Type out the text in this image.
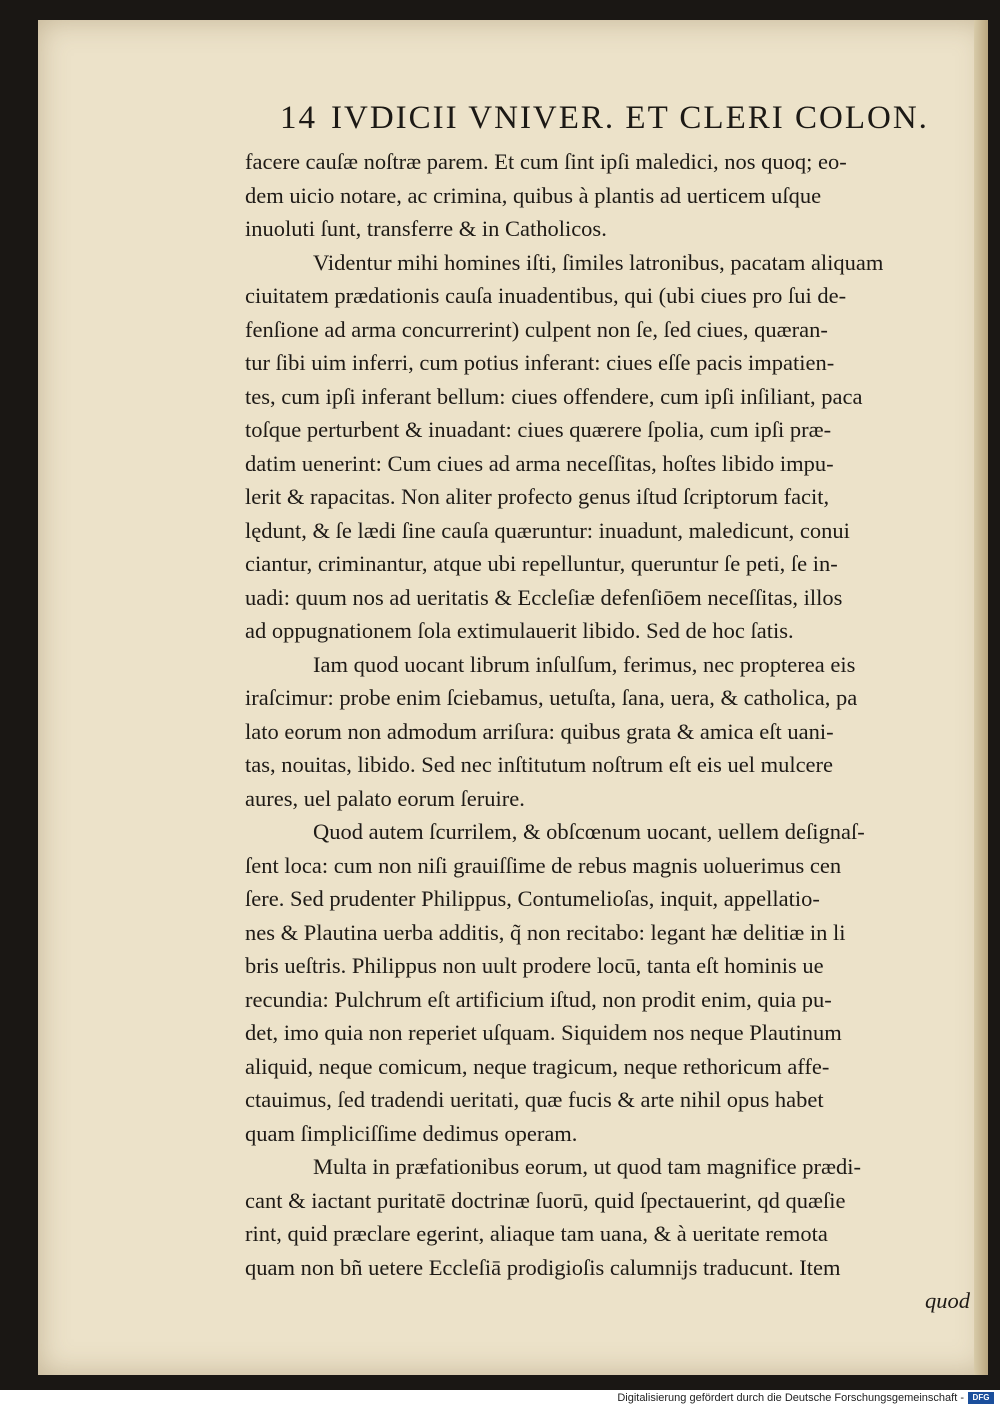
14 IVDICII VNIVER. ET CLERI COLON.
facere cauſæ noſtræ parem. Et cum ſint ipſi maledici, nos quoq; eo-
dem uicio notare, ac crimina, quibus à plantis ad uerticem uſque
inuoluti ſunt, transferre & in Catholicos.
Videntur mihi homines iſti, ſimiles latronibus, pacatam aliquam
ciuitatem prædationis cauſa inuadentibus, qui (ubi ciues pro ſui de-
fenſione ad arma concurrerint) culpent non ſe, ſed ciues, quæran-
tur ſibi uim inferri, cum potius inferant: ciues eſſe pacis impatien-
tes, cum ipſi inferant bellum: ciues offendere, cum ipſi inſiliant, paca
toſque perturbent & inuadant: ciues quærere ſpolia, cum ipſi præ-
datim uenerint: Cum ciues ad arma neceſſitas, hoſtes libido impu-
lerit & rapacitas. Non aliter profecto genus iſtud ſcriptorum facit,
lędunt, & ſe lædi ſine cauſa quæruntur: inuadunt, maledicunt, conui
ciantur, criminantur, atque ubi repelluntur, queruntur ſe peti, ſe in-
uadi: quum nos ad ueritatis & Eccleſiæ defenſiōem neceſſitas, illos
ad oppugnationem ſola extimulauerit libido. Sed de hoc ſatis.
Iam quod uocant librum inſulſum, ferimus, nec propterea eis
iraſcimur: probe enim ſciebamus, uetuſta, ſana, uera, & catholica, pa
lato eorum non admodum arriſura: quibus grata & amica eſt uani-
tas, nouitas, libido. Sed nec inſtitutum noſtrum eſt eis uel mulcere
aures, uel palato eorum ſeruire.
Quod autem ſcurrilem, & obſcœnum uocant, uellem deſignaſ-
ſent loca: cum non niſi grauiſſime de rebus magnis uoluerimus cen
ſere. Sed prudenter Philippus, Contumelioſas, inquit, appellatio-
nes & Plautina uerba additis, q̃ non recitabo: legant hæ delitiæ in li
bris ueſtris. Philippus non uult prodere locū, tanta eſt hominis ue
recundia: Pulchrum eſt artificium iſtud, non prodit enim, quia pu-
det, imo quia non reperiet uſquam. Siquidem nos neque Plautinum
aliquid, neque comicum, neque tragicum, neque rethoricum affe-
ctauimus, ſed tradendi ueritati, quæ fucis & arte nihil opus habet
quam ſimpliciſſime dedimus operam.
Multa in præfationibus eorum, ut quod tam magnifice prædi-
cant & iactant puritatē doctrinæ ſuorū, quid ſpectauerint, qd quæſie
rint, quid præclare egerint, aliaque tam uana, & à ueritate remota
quam non bñ uetere Eccleſiā prodigioſis calumnijs traducunt. Item
quod
Digitalisierung gefördert durch die Deutsche Forschungsgemeinschaft -	DFG
